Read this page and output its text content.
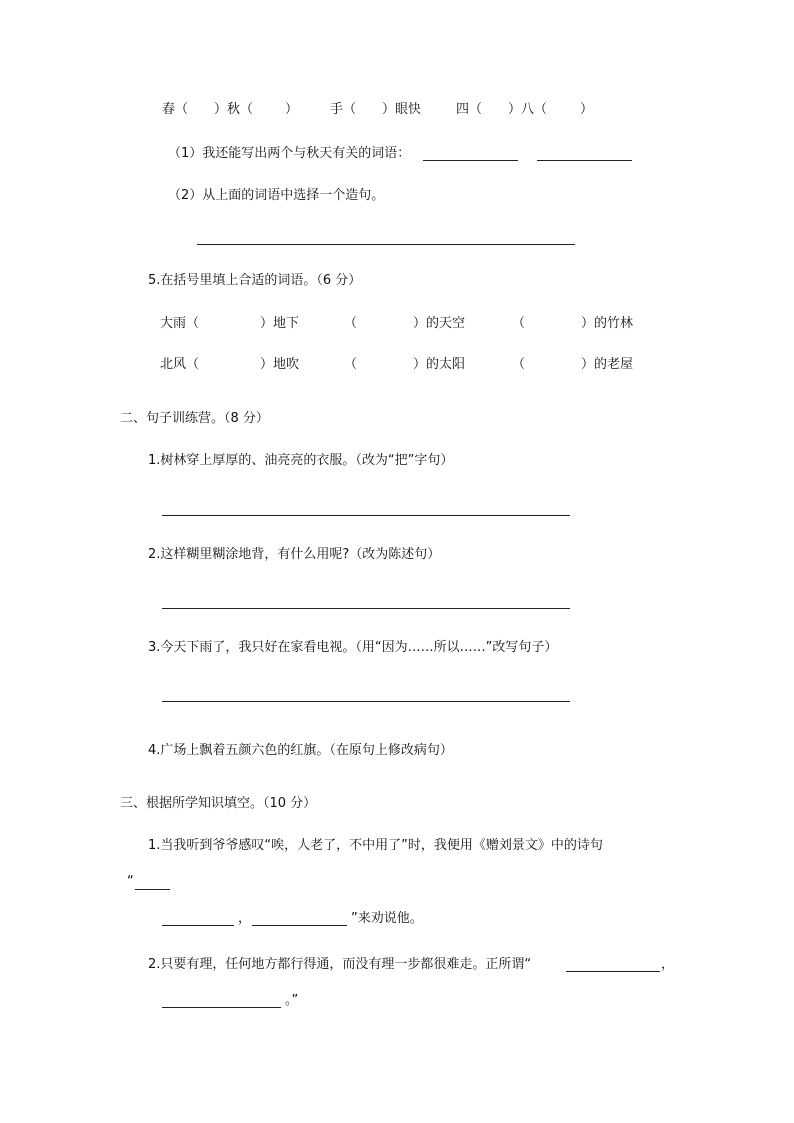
春（ ）秋（ ） 手（ ）眼快	四（ ）八（	）
（1）我还能写出两个与秋天有关的词语：
（2）从上面的词语中选择一个造句。
5.在括号里填上合适的词语。（6 分）
大雨（	）地下	（	）的天空	（	）的竹林
北风（	）地吹	（	）的太阳	（	）的老屋
二、句子训练营。（8 分）
1.树林穿上厚厚的、油亮亮的衣服。（改为“把”字句）
2.这样糊里糊涂地背，有什么用呢?（改为陈述句）
3.今天下雨了，我只好在家看电视。（用“因为……所以……”改写句子）
4.广场上飘着五颜六色的红旗。（在原句上修改病句）
三、根据所学知识填空。（10 分）
1.当我听到爷爷感叹“唉，人老了，不中用了”时，我便用《赠刘景文》中的诗句
“
，	”来劝说他。
2.只要有理，任何地方都行得通，而没有理一步都很难走。正所谓“	，
。”
